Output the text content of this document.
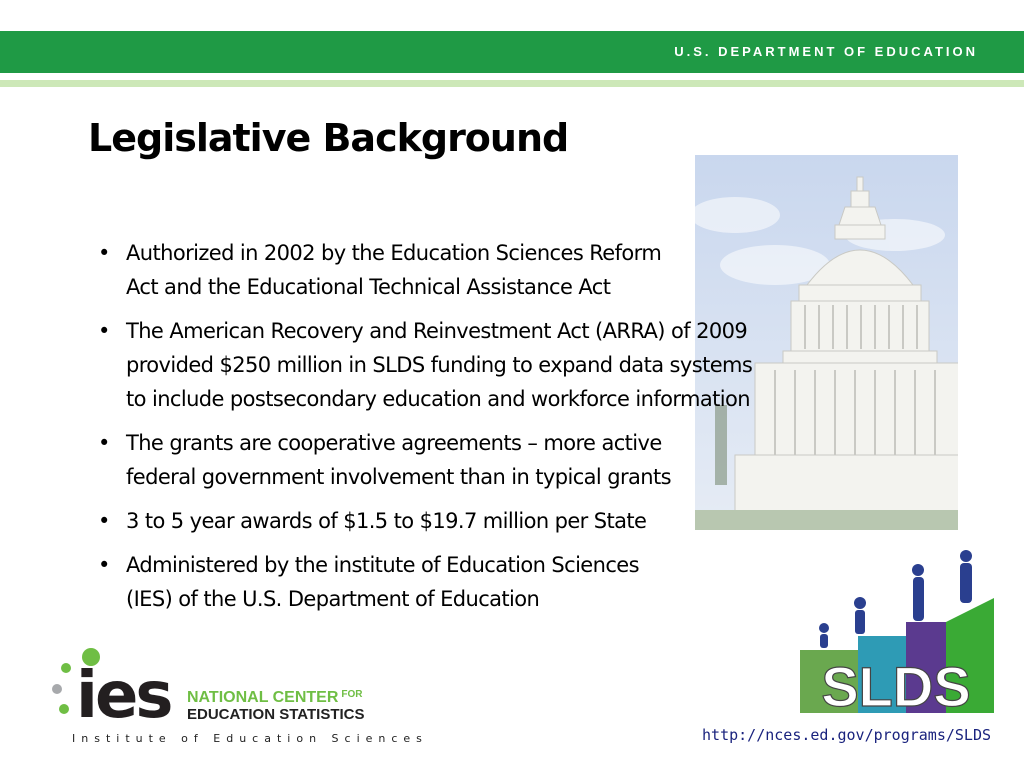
U.S. DEPARTMENT OF EDUCATION
Legislative Background
• Authorized in 2002 by the Education Sciences Reform
Act and the Educational Technical Assistance Act
• The American Recovery and Reinvestment Act (ARRA) of 2009
provided $250 million in SLDS funding to expand data systems
to include postsecondary education and workforce information
• The grants are cooperative agreements – more active
federal government involvement than in typical grants
• 3 to 5 year awards of $1.5 to $19.7 million per State
• Administered by the institute of Education Sciences
(IES) of the U.S. Department of Education
ies NATIONAL CENTER $^{FOR}$
EDUCATION STATISTICS
Institute of Education Sciences
SLDS
http://nces.ed.gov/programs/SLDS
